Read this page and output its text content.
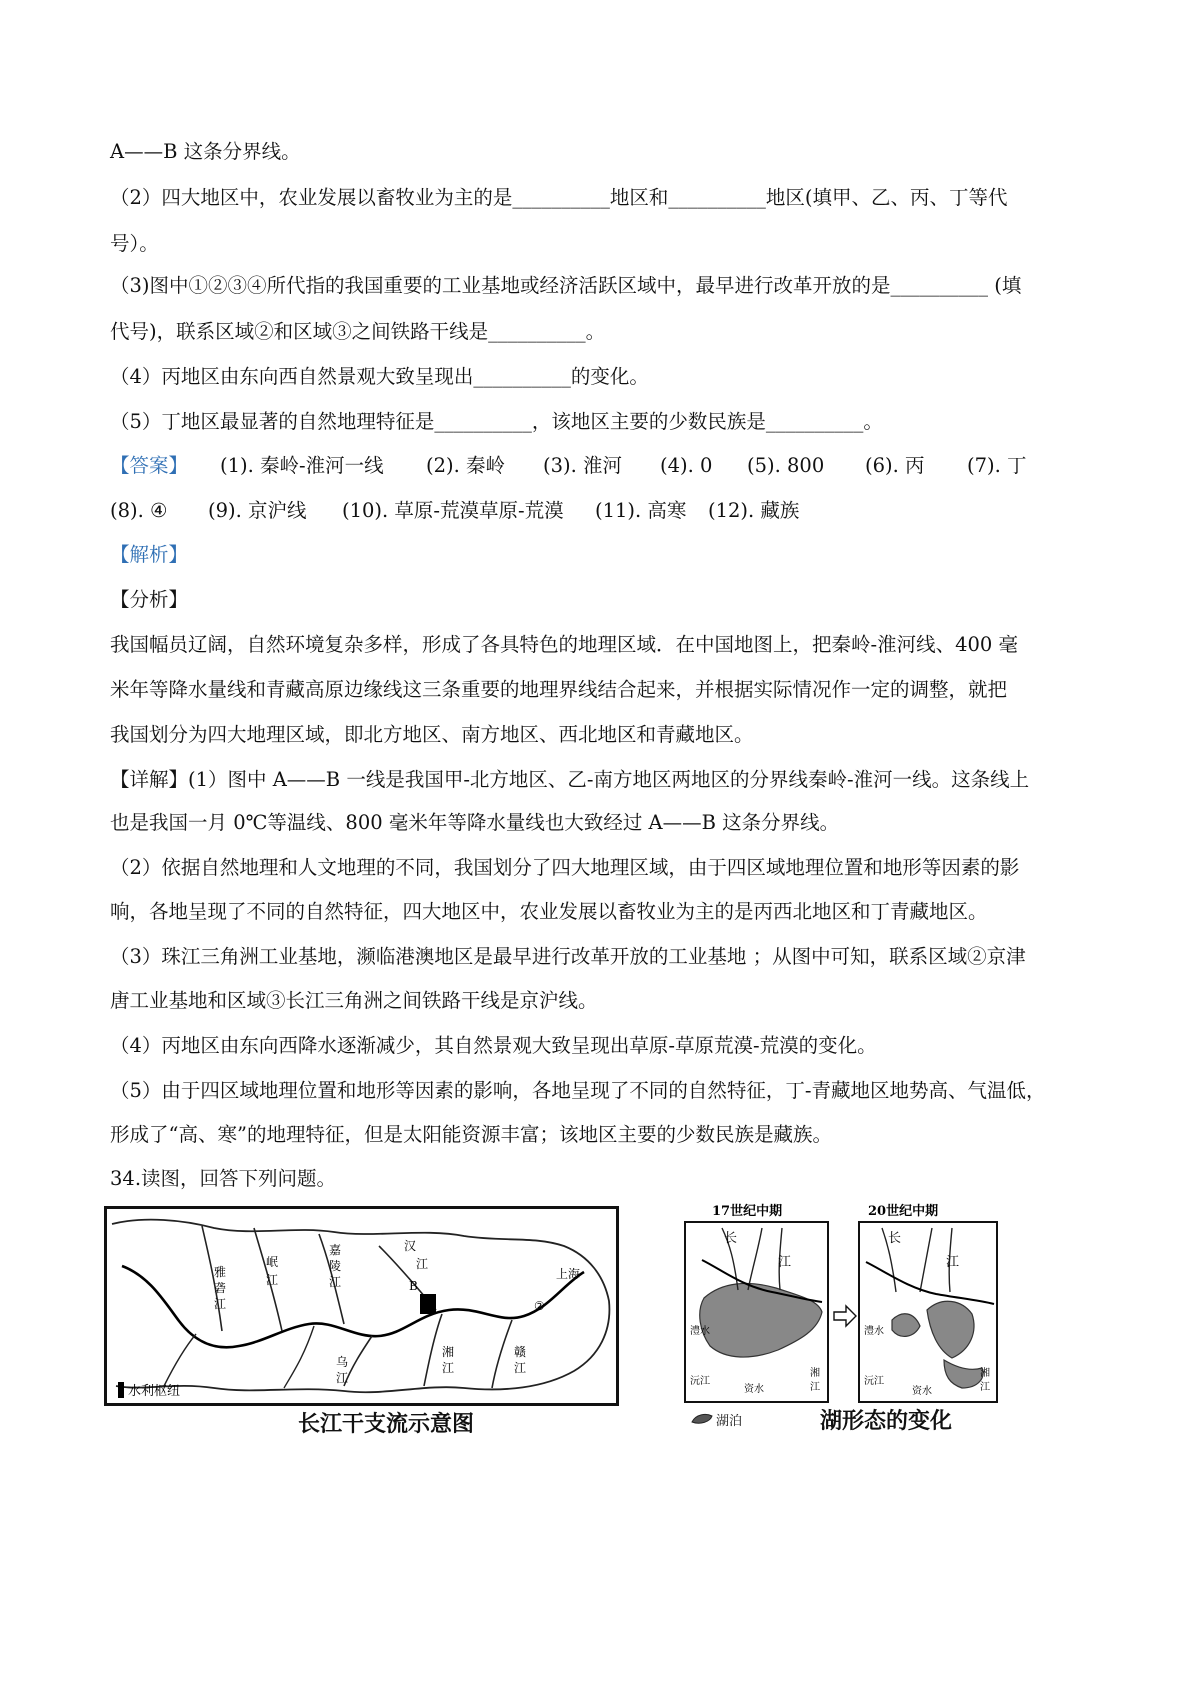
A——B 这条分界线。
（2）四大地区中，农业发展以畜牧业为主的是__________地区和__________地区(填甲、乙、丙、丁等代
号）。
（3)图中①②③④所代指的我国重要的工业基地或经济活跃区域中，最早进行改革开放的是__________ (填
代号)，联系区域②和区域③之间铁路干线是__________。
（4）丙地区由东向西自然景观大致呈现出__________的变化。
（5）丁地区最显著的自然地理特征是__________，该地区主要的少数民族是__________。
【答案】 (1). 秦岭-淮河一线 (2). 秦岭 (3). 淮河 (4). 0 (5). 800 (6). 丙 (7). 丁
(8). ④ (9). 京沪线 (10). 草原-荒漠草原-荒漠 (11). 高寒 (12). 藏族
【解析】
【分析】
我国幅员辽阔，自然环境复杂多样，形成了各具特色的地理区域．在中国地图上，把秦岭-淮河线、400 毫
米年等降水量线和青藏高原边缘线这三条重要的地理界线结合起来，并根据实际情况作一定的调整，就把
我国划分为四大地理区域，即北方地区、南方地区、西北地区和青藏地区。
【详解】(1）图中 A——B 一线是我国甲-北方地区、乙-南方地区两地区的分界线秦岭-淮河一线。这条线上
也是我国一月 0℃等温线、800 毫米年等降水量线也大致经过 A——B 这条分界线。
（2）依据自然地理和人文地理的不同，我国划分了四大地理区域，由于四区域地理位置和地形等因素的影
响，各地呈现了不同的自然特征，四大地区中，农业发展以畜牧业为主的是丙西北地区和丁青藏地区。
（3）珠江三角洲工业基地，濒临港澳地区是最早进行改革开放的工业基地 ；从图中可知，联系区域②京津
唐工业基地和区域③长江三角洲之间铁路干线是京沪线。
（4）丙地区由东向西降水逐渐减少，其自然景观大致呈现出草原-草原荒漠-荒漠的变化。
（5）由于四区域地理位置和地形等因素的影响，各地呈现了不同的自然特征，丁-青藏地区地势高、气温低，
形成了“高、寒”的地理特征，但是太阳能资源丰富；该地区主要的少数民族是藏族。
34.读图，回答下列问题。
雅
砻
江
岷
江
嘉
陵
江
汉
江
乌
江
湘
江
赣
江
上海
B
②
水利枢纽
长江干支流示意图
17世纪中期	20世纪中期
长
江
澧水
沅江
资水
湘
江
长
江
澧水
沅江
资水
湘
江
湖泊	湖形态的变化
